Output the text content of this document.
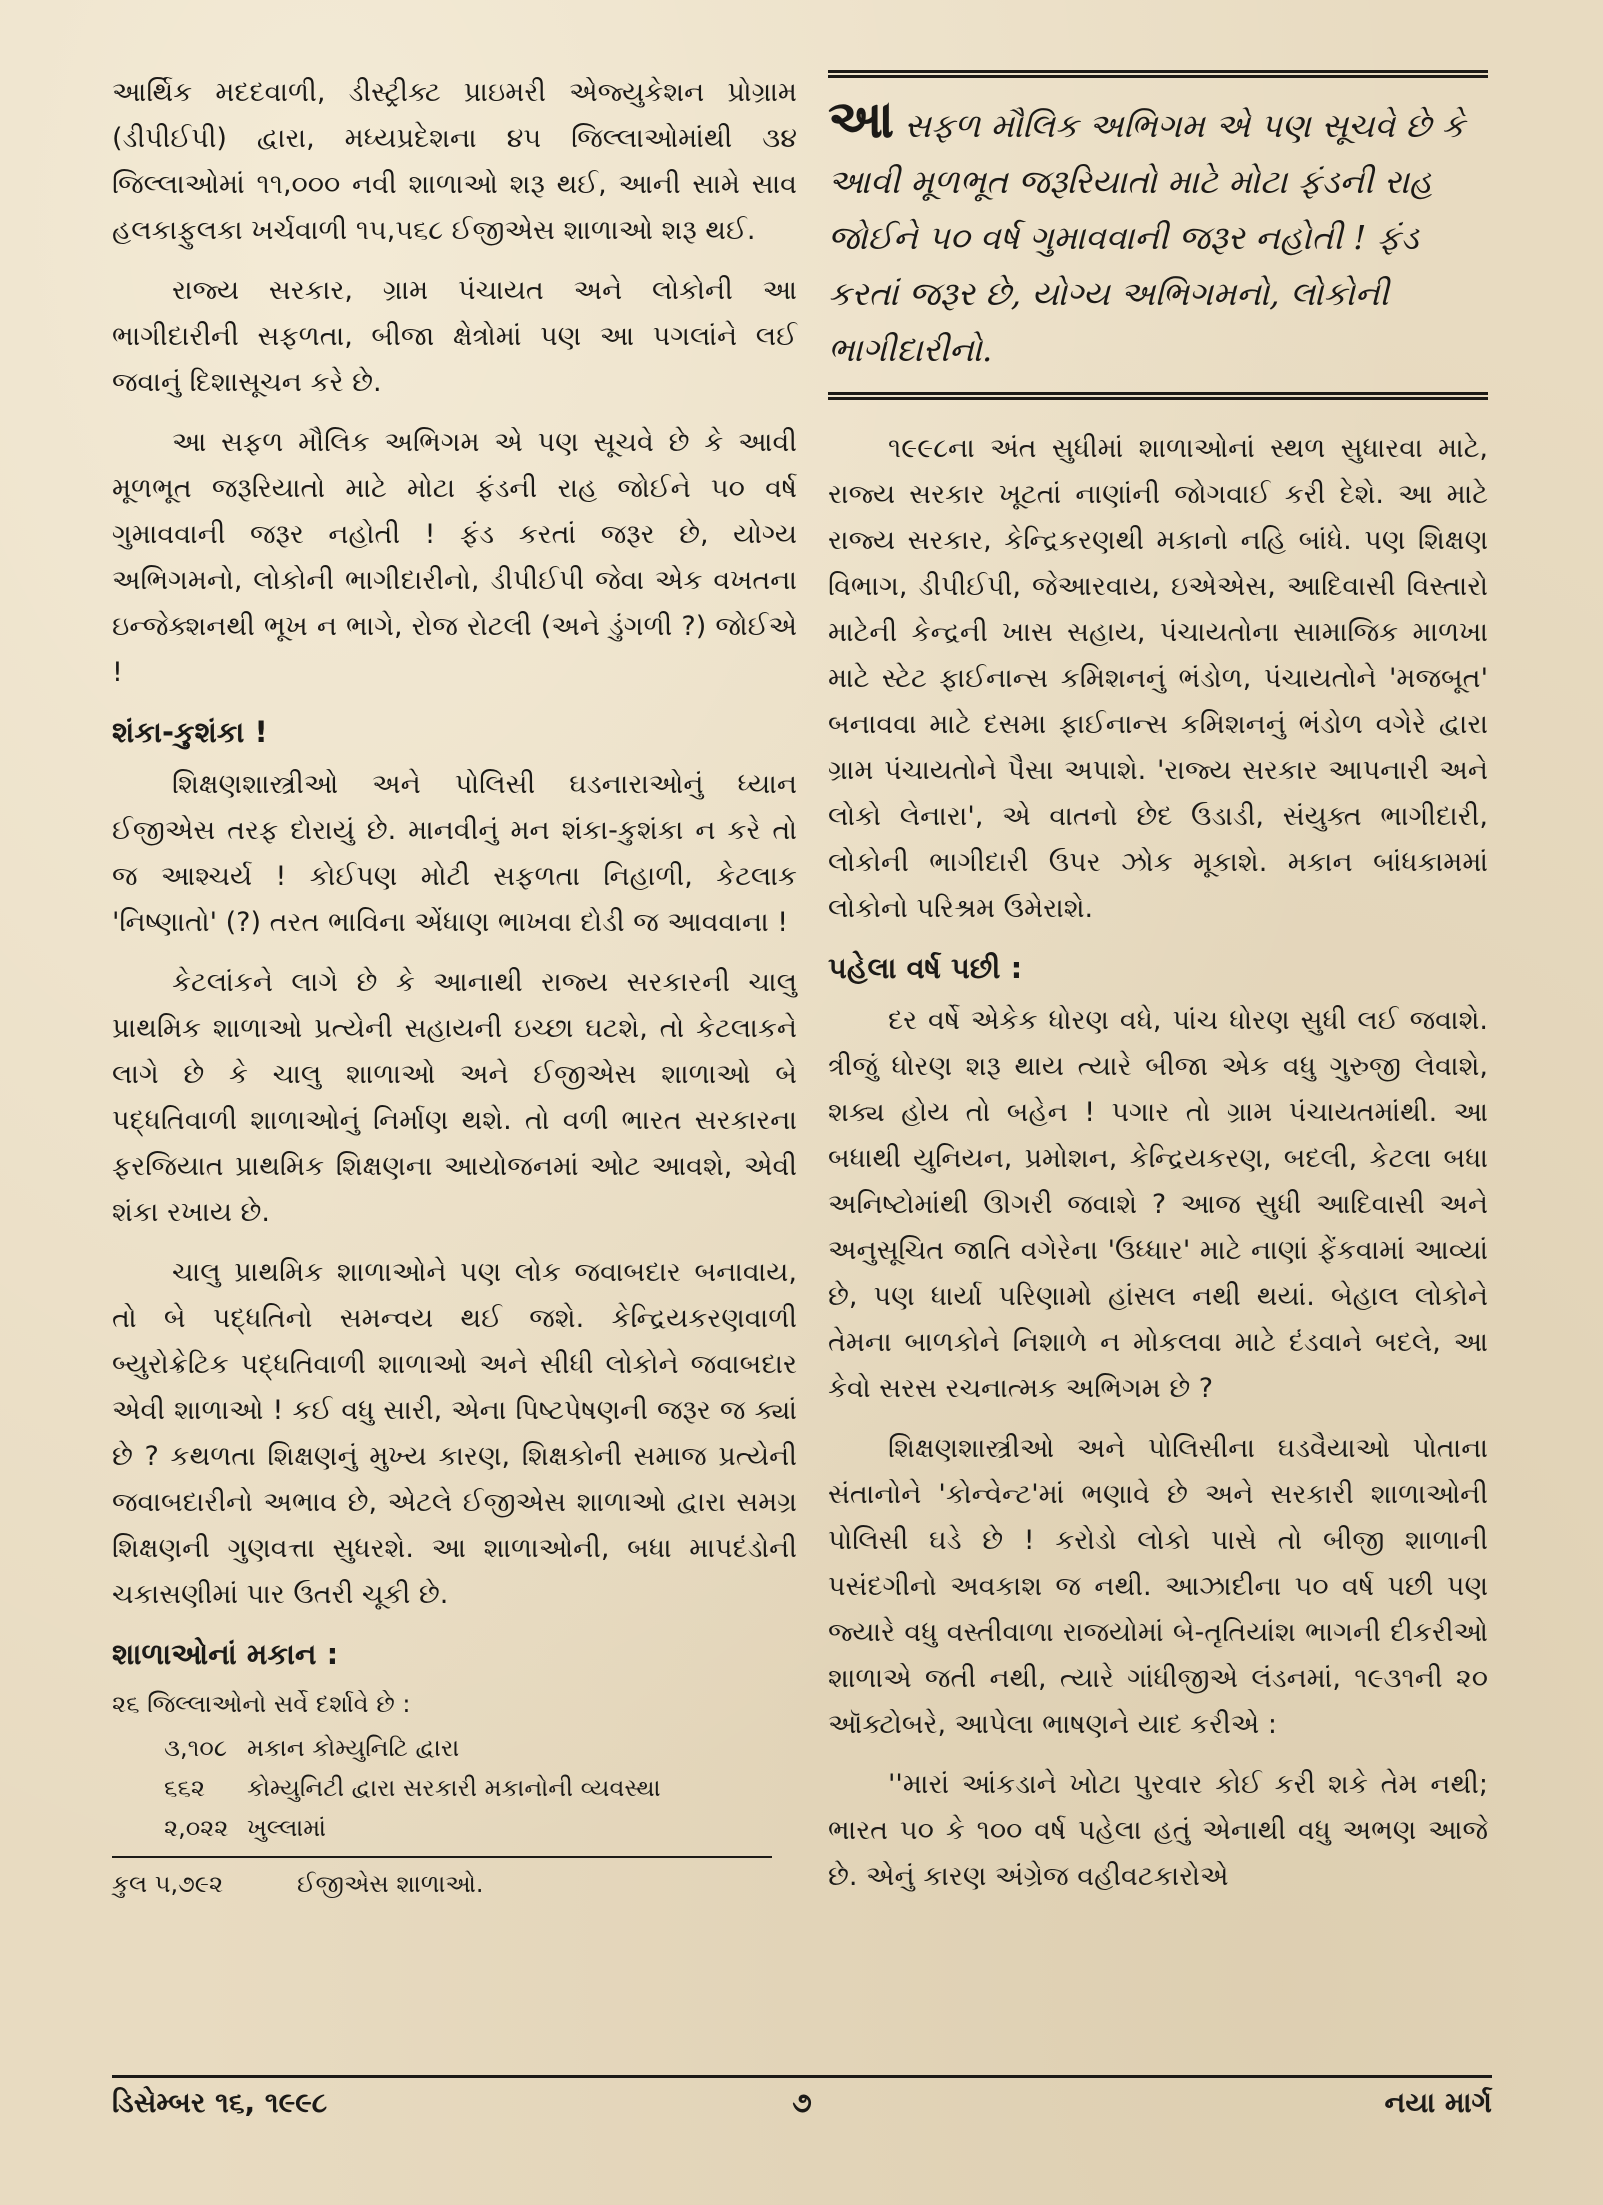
આર્થિક મદદવાળી, ડીસ્ટ્રીક્ટ પ્રાઇમરી એજ્યુકેશન પ્રોગ્રામ (ડીપીઈપી) દ્વારા, મધ્યપ્રદેશના ૪૫ જિલ્લાઓમાંથી ૩૪ જિલ્લાઓમાં ૧૧,૦૦૦ નવી શાળાઓ શરૂ થઈ, આની સામે સાવ હલકાફુલકા ખર્ચવાળી ૧૫,૫૬૮ ઈજીએસ શાળાઓ શરૂ થઈ.

રાજ્ય સરકાર, ગ્રામ પંચાયત અને લોકોની આ ભાગીદારીની સફળતા, બીજા ક્ષેત્રોમાં પણ આ પગલાંને લઈ જવાનું દિશાસૂચન કરે છે.

આ સફળ મૌલિક અભિગમ એ પણ સૂચવે છે કે આવી મૂળભૂત જરૂરિયાતો માટે મોટા ફંડની રાહ જોઈને ૫૦ વર્ષ ગુમાવવાની જરૂર નહોતી ! ફંડ કરતાં જરૂર છે, યોગ્ય અભિગમનો, લોકોની ભાગીદારીનો, ડીપીઈપી જેવા એક વખતના ઇન્જેક્શનથી ભૂખ ન ભાગે, રોજ રોટલી (અને ડુંગળી ?) જોઈએ !

શંકા-કુશંકા !

શિક્ષણશાસ્ત્રીઓ અને પોલિસી ઘડનારાઓનું ધ્યાન ઈજીએસ તરફ દોરાયું છે. માનવીનું મન શંકા-કુશંકા ન કરે તો જ આશ્ચર્ય ! કોઈપણ મોટી સફળતા નિહાળી, કેટલાક 'નિષ્ણાતો' (?) તરત ભાવિના એંધાણ ભાખવા દોડી જ આવવાના !

કેટલાંકને લાગે છે કે આનાથી રાજ્ય સરકારની ચાલુ પ્રાથમિક શાળાઓ પ્રત્યેની સહાયની ઇચ્છા ઘટશે, તો કેટલાકને લાગે છે કે ચાલુ શાળાઓ અને ઈજીએસ શાળાઓ બે પદ્ધતિવાળી શાળાઓનું નિર્માણ થશે. તો વળી ભારત સરકારના ફરજિયાત પ્રાથમિક શિક્ષણના આયોજનમાં ઓટ આવશે, એવી શંકા રખાય છે.

ચાલુ પ્રાથમિક શાળાઓને પણ લોક જવાબદાર બનાવાય, તો બે પદ્ધતિનો સમન્વય થઈ જશે. કેન્દ્રિયકરણવાળી બ્યુરોક્રેટિક પદ્ધતિવાળી શાળાઓ અને સીધી લોકોને જવાબદાર એવી શાળાઓ ! કઈ વધુ સારી, એના પિષ્ટપેષણની જરૂર જ ક્યાં છે ? કથળતા શિક્ષણનું મુખ્ય કારણ, શિક્ષકોની સમાજ પ્રત્યેની જવાબદારીનો અભાવ છે, એટલે ઈજીએસ શાળાઓ દ્વારા સમગ્ર શિક્ષણની ગુણવત્તા સુધરશે. આ શાળાઓની, બધા માપદંડોની ચકાસણીમાં પાર ઉતરી ચૂકી છે.

શાળાઓનાં મકાન :
૨૬ જિલ્લાઓનો સર્વે દર્શાવે છે :
૩,૧૦૮ મકાન કોમ્યુનિટિ દ્વારા
૬૬૨	કોમ્યુનિટી દ્વારા સરકારી મકાનોની વ્યવસ્થા
૨,૦૨૨ ખુલ્લામાં
કુલ ૫,૭૯૨	ઈજીએસ શાળાઓ.

આસફળ મૌલિક અભિગમ એ પણ સૂચવે છે કે આવી મૂળભૂત જરૂરિયાતો માટે મોટા ફંડની રાહ જોઈને ૫૦ વર્ષ ગુમાવવાની જરૂર નહોતી ! ફંડ કરતાં જરૂર છે, યોગ્ય અભિગમનો, લોકોની ભાગીદારીનો.

૧૯૯૮ના અંત સુધીમાં શાળાઓનાં સ્થળ સુધારવા માટે, રાજ્ય સરકાર ખૂટતાં નાણાંની જોગવાઈ કરી દેશે. આ માટે રાજ્ય સરકાર, કેન્દ્રિકરણથી મકાનો નહિ બાંધે. પણ શિક્ષણ વિભાગ, ડીપીઈપી, જેઆરવાય, ઇએએસ, આદિવાસી વિસ્તારો માટેની કેન્દ્રની ખાસ સહાય, પંચાયતોના સામાજિક માળખા માટે સ્ટેટ ફાઈનાન્સ કમિશનનું ભંડોળ, પંચાયતોને 'મજબૂત' બનાવવા માટે દસમા ફાઈનાન્સ કમિશનનું ભંડોળ વગેરે દ્વારા ગ્રામ પંચાયતોને પૈસા અપાશે. 'રાજ્ય સરકાર આપનારી અને લોકો લેનારા', એ વાતનો છેદ ઉડાડી, સંયુક્ત ભાગીદારી, લોકોની ભાગીદારી ઉપર ઝોક મૂકાશે. મકાન બાંધકામમાં લોકોનો પરિશ્રમ ઉમેરાશે.

પહેલા વર્ષ પછી :

દર વર્ષે એકેક ધોરણ વધે, પાંચ ધોરણ સુધી લઈ જવાશે. ત્રીજું ધોરણ શરૂ થાય ત્યારે બીજા એક વધુ ગુરુજી લેવાશે, શક્ય હોય તો બહેન ! પગાર તો ગ્રામ પંચાયતમાંથી. આ બધાથી યુનિયન, પ્રમોશન, કેન્દ્રિયકરણ, બદલી, કેટલા બધા અનિષ્ટોમાંથી ઊગરી જવાશે ? આજ સુધી આદિવાસી અને અનુસૂચિત જાતિ વગેરેના 'ઉધ્ધાર' માટે નાણાં ફેંકવામાં આવ્યાં છે, પણ ધાર્યા પરિણામો હાંસલ નથી થયાં. બેહાલ લોકોને તેમના બાળકોને નિશાળે ન મોકલવા માટે દંડવાને બદલે, આ કેવો સરસ રચનાત્મક અભિગમ છે ?

શિક્ષણશાસ્ત્રીઓ અને પોલિસીના ઘડવૈયાઓ પોતાના સંતાનોને 'કોન્વેન્ટ'માં ભણાવે છે અને સરકારી શાળાઓની પોલિસી ઘડે છે ! કરોડો લોકો પાસે તો બીજી શાળાની પસંદગીનો અવકાશ જ નથી. આઝાદીના ૫૦ વર્ષ પછી પણ જ્યારે વધુ વસ્તીવાળા રાજયોમાં બે-તૃતિયાંશ ભાગની દીકરીઓ શાળાએ જતી નથી, ત્યારે ગાંધીજીએ લંડનમાં, ૧૯૩૧ની ૨૦ ઑક્ટોબરે, આપેલા ભાષણને યાદ કરીએ :

''મારાં આંકડાને ખોટા પુરવાર કોઈ કરી શકે તેમ નથી; ભારત ૫૦ કે ૧૦૦ વર્ષ પહેલા હતું એનાથી વધુ અભણ આજે છે. એનું કારણ અંગ્રેજ વહીવટકારોએ

ડિસેમ્બર ૧૬, ૧૯૯૮	૭	નયા માર્ગ
